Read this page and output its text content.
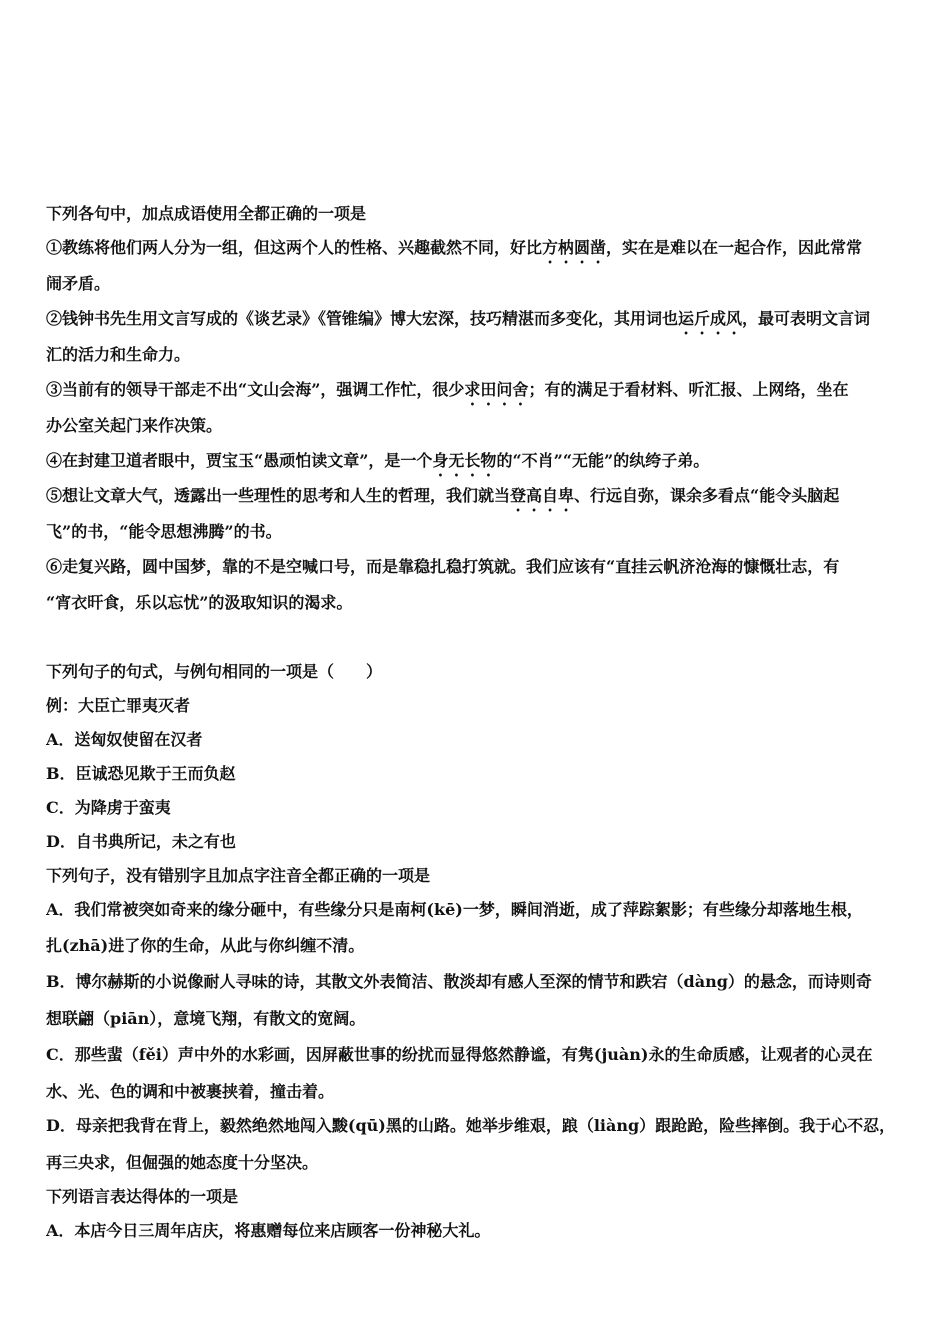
下列各句中，加点成语使用全都正确的一项是
①教练将他们两人分为一组，但这两个人的性格、兴趣截然不同，好比方枘圆凿，实在是难以在一起合作，因此常常
闹矛盾。
②钱钟书先生用文言写成的《谈艺录》《管锥编》博大宏深，技巧精湛而多变化，其用词也运斤成风，最可表明文言词
汇的活力和生命力。
③当前有的领导干部走不出“文山会海”，强调工作忙，很少求田问舍；有的满足于看材料、听汇报、上网络，坐在
办公室关起门来作决策。
④在封建卫道者眼中，贾宝玉“愚顽怕读文章”，是一个身无长物的“不肖”“无能”的纨绔子弟。
⑤想让文章大气，透露出一些理性的思考和人生的哲理，我们就当登高自卑、行远自弥，课余多看点“能令头脑起
飞”的书，“能令思想沸腾”的书。
⑥走复兴路，圆中国梦，靠的不是空喊口号，而是靠稳扎稳打筑就。我们应该有“直挂云帆济沧海的慷慨壮志，有
“宵衣旰食，乐以忘忧”的汲取知识的渴求。
下列句子的句式，与例句相同的一项是（　　）
例：大臣亡罪夷灭者
A．送匈奴使留在汉者
B．臣诚恐见欺于王而负赵
C．为降虏于蛮夷
D．自书典所记，未之有也
下列句子，没有错别字且加点字注音全都正确的一项是
A．我们常被突如奇来的缘分砸中，有些缘分只是南柯(kē)一梦，瞬间消逝，成了萍踪絮影；有些缘分却落地生根，
扎(zhā)进了你的生命，从此与你纠缠不清。
B．博尔赫斯的小说像耐人寻味的诗，其散文外表简洁、散淡却有感人至深的情节和跌宕（dàng）的悬念，而诗则奇
想联翩（piān），意境飞翔，有散文的宽阔。
C．那些蜚（fěi）声中外的水彩画，因屏蔽世事的纷扰而显得悠然静谧，有隽(juàn)永的生命质感，让观者的心灵在
水、光、色的调和中被裹挟着，撞击着。
D．母亲把我背在背上，毅然绝然地闯入黢(qū)黑的山路。她举步维艰，踉（liàng）跟跄跄，险些摔倒。我于心不忍，
再三央求，但倔强的她态度十分坚决。
下列语言表达得体的一项是
A．本店今日三周年店庆，将惠赠每位来店顾客一份神秘大礼。
